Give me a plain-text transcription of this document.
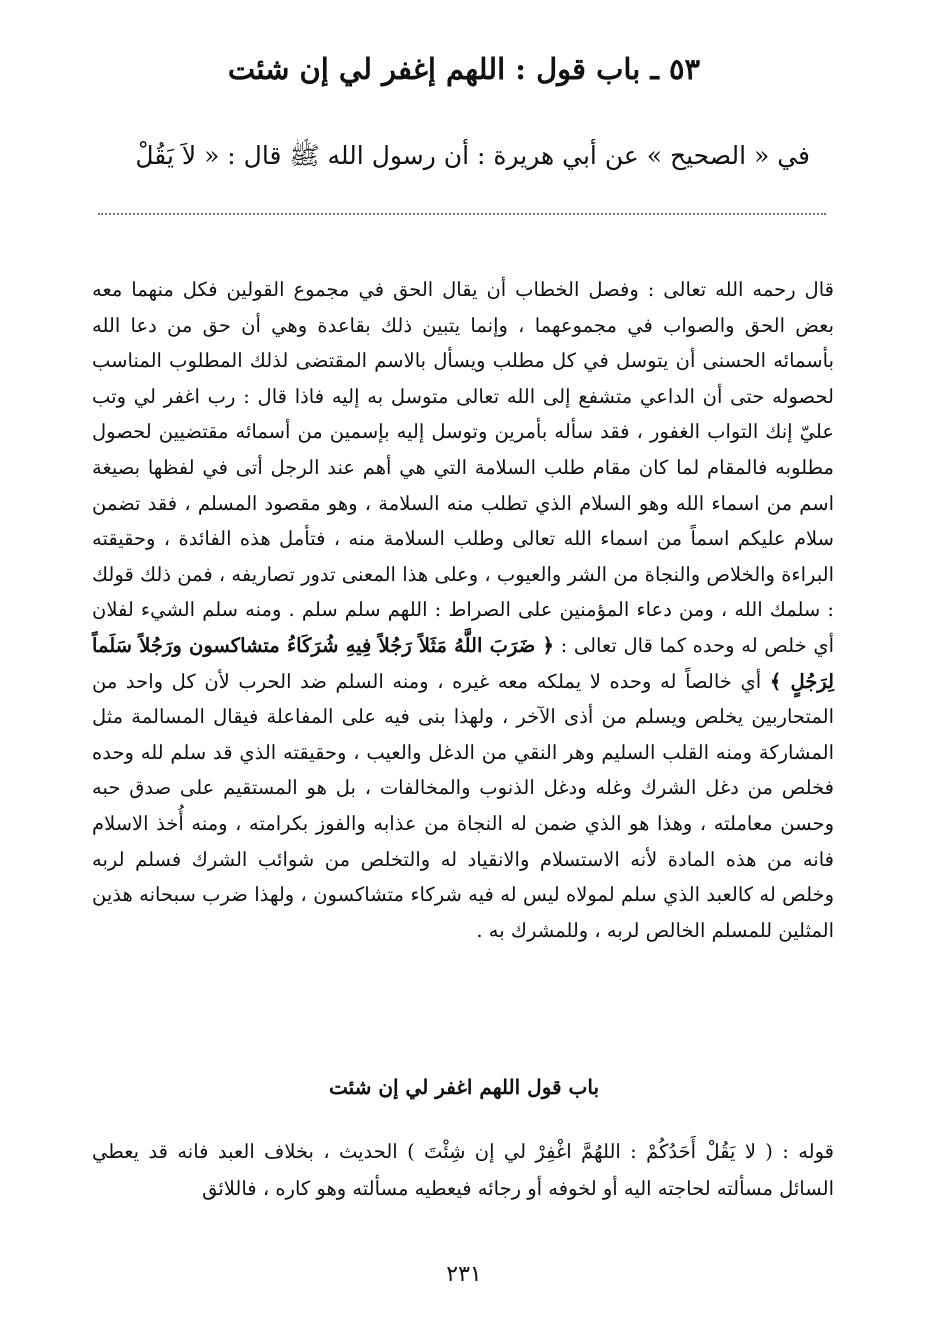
٥٣ ـ باب قول : اللهم إغفر لي إن شئت

في « الصحيح » عن أبي هريرة : أن رسول الله ﷺ قال : « لاَ يَقُلْ

قال رحمه الله تعالى : وفصل الخطاب أن يقال الحق في مجموع القولين فكل منهما معه بعض الحق والصواب في مجموعهما ، وإنما يتبين ذلك بقاعدة وهي أن حق من دعا الله بأسمائه الحسنى أن يتوسل في كل مطلب ويسأل بالاسم المقتضى لذلك المطلوب المناسب لحصوله حتى أن الداعي متشفع إلى الله تعالى متوسل به إليه فاذا قال : رب اغفر لي وتب عليّ إنك التواب الغفور ، فقد سأله بأمرين وتوسل إليه بإسمين من أسمائه مقتضيين لحصول مطلوبه فالمقام لما كان مقام طلب السلامة التي هي أهم عند الرجل أتى في لفظها بصيغة اسم من اسماء الله وهو السلام الذي تطلب منه السلامة ، وهو مقصود المسلم ، فقد تضمن سلام عليكم اسماً من اسماء الله تعالى وطلب السلامة منه ، فتأمل هذه الفائدة ، وحقيقته البراءة والخلاص والنجاة من الشر والعيوب ، وعلى هذا المعنى تدور تصاريفه ، فمن ذلك قولك : سلمك الله ، ومن دعاء المؤمنين على الصراط : اللهم سلم سلم . ومنه سلم الشيء لفلان أي خلص له وحده كما قال تعالى : ﴿ ضَرَبَ اللَّهُ مَثَلاً رَجُلاً فِيهِ شُرَكَاءُ متشاكسون ورَجُلاً سَلَماً لِرَجُلٍ ﴾ أي خالصاً له وحده لا يملكه معه غيره ، ومنه السلم ضد الحرب لأن كل واحد من المتحاربين يخلص ويسلم من أذى الآخر ، ولهذا بنى فيه على المفاعلة فيقال المسالمة مثل المشاركة ومنه القلب السليم وهر النقي من الدغل والعيب ، وحقيقته الذي قد سلم لله وحده فخلص من دغل الشرك وغله ودغل الذنوب والمخالفات ، بل هو المستقيم على صدق حبه وحسن معاملته ، وهذا هو الذي ضمن له النجاة من عذابه والفوز بكرامته ، ومنه أُخذ الاسلام فانه من هذه المادة لأنه الاستسلام والانقياد له والتخلص من شوائب الشرك فسلم لربه وخلص له كالعبد الذي سلم لمولاه ليس له فيه شركاء متشاكسون ، ولهذا ضرب سبحانه هذين المثلين للمسلم الخالص لربه ، وللمشرك به .

باب قول اللهم اغفر لي إن شئت

قوله : ( لا يَقُلْ أَحَدُكُمْ : اللهُمَّ اغْفِرْ لي إن شِئْتَ ) الحديث ، بخلاف العبد فانه قد يعطي السائل مسألته لحاجته اليه أو لخوفه أو رجائه فيعطيه مسألته وهو كاره ، فاللائق

٢٣١
